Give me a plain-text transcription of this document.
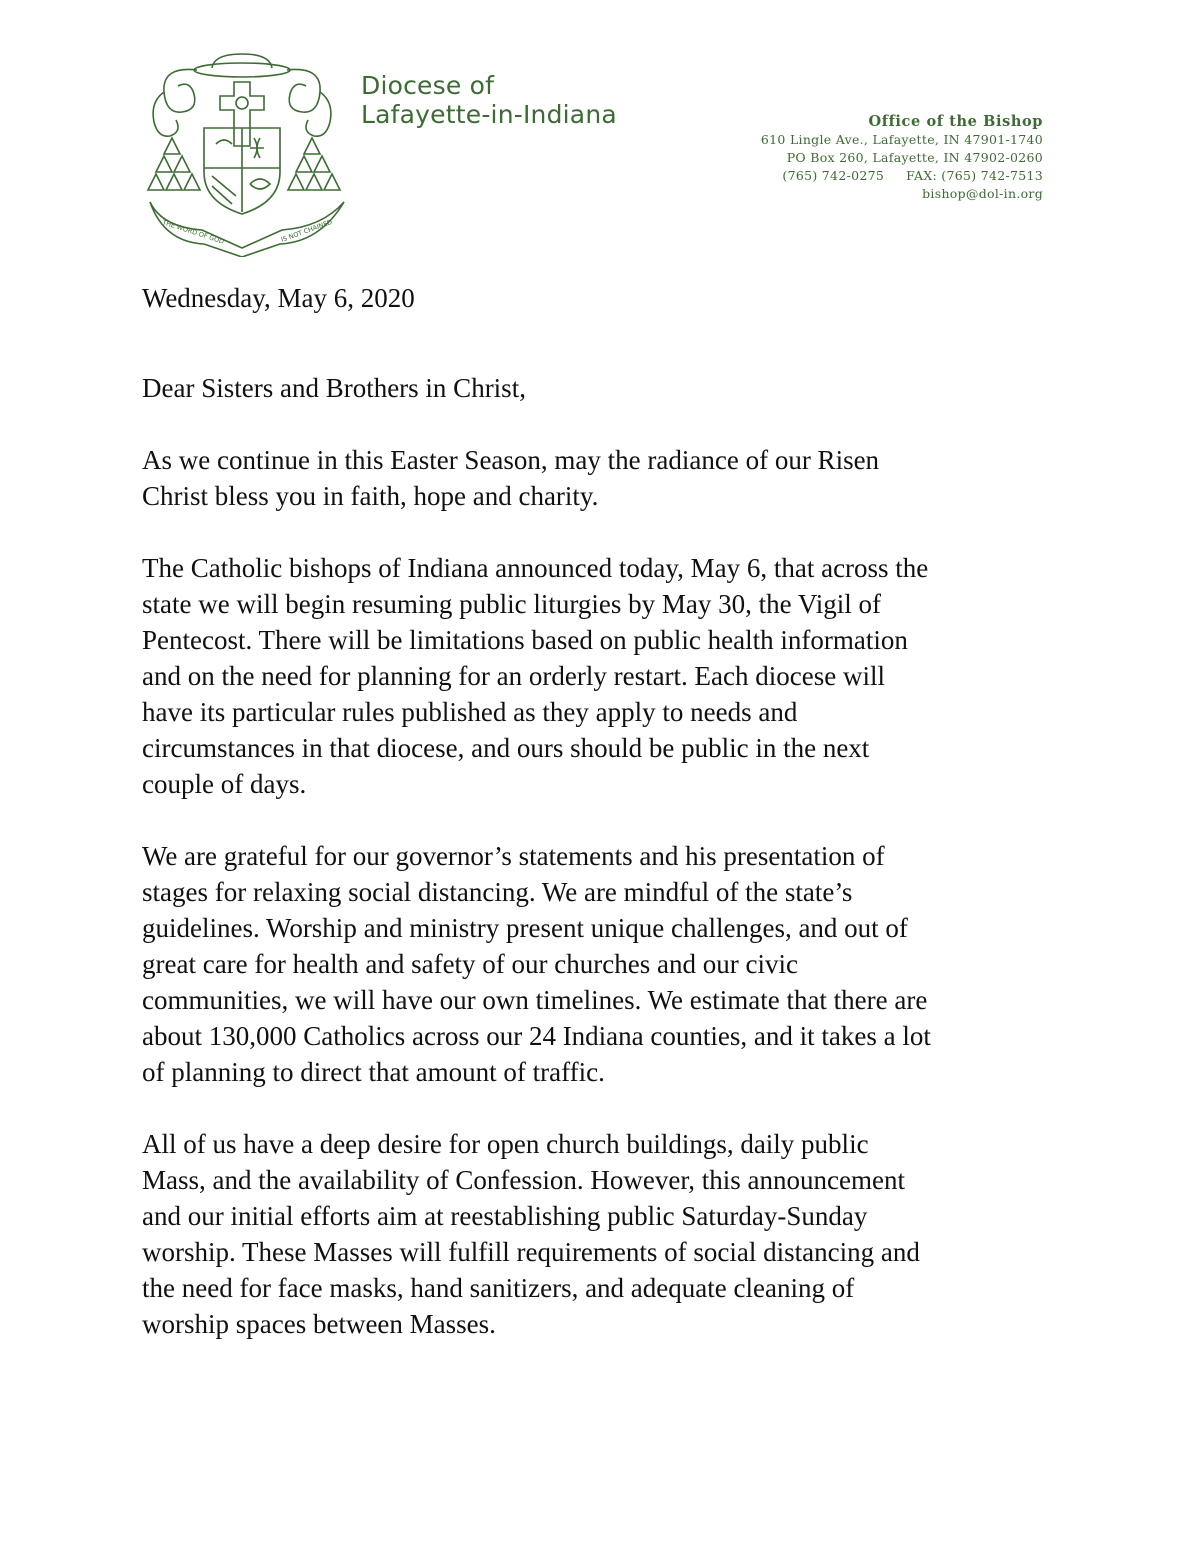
THE WORD OF GOD	IS NOT CHAINED
Diocese of
Lafayette-in-Indiana	Office of the Bishop
610 Lingle Ave., Lafayette, IN 47901-1740
PO Box 260, Lafayette, IN 47902-0260
(765) 742-0275 FAX: (765) 742-7513
bishop@dol-in.org

Wednesday, May 6, 2020

Dear Sisters and Brothers in Christ,

As we continue in this Easter Season, may the radiance of our Risen
Christ bless you in faith, hope and charity.

The Catholic bishops of Indiana announced today, May 6, that across the
state we will begin resuming public liturgies by May 30, the Vigil of
Pentecost. There will be limitations based on public health information
and on the need for planning for an orderly restart. Each diocese will
have its particular rules published as they apply to needs and
circumstances in that diocese, and ours should be public in the next
couple of days.

We are grateful for our governor’s statements and his presentation of
stages for relaxing social distancing. We are mindful of the state’s
guidelines. Worship and ministry present unique challenges, and out of
great care for health and safety of our churches and our civic
communities, we will have our own timelines. We estimate that there are
about 130,000 Catholics across our 24 Indiana counties, and it takes a lot
of planning to direct that amount of traffic.

All of us have a deep desire for open church buildings, daily public
Mass, and the availability of Confession. However, this announcement
and our initial efforts aim at reestablishing public Saturday-Sunday
worship. These Masses will fulfill requirements of social distancing and
the need for face masks, hand sanitizers, and adequate cleaning of
worship spaces between Masses.
